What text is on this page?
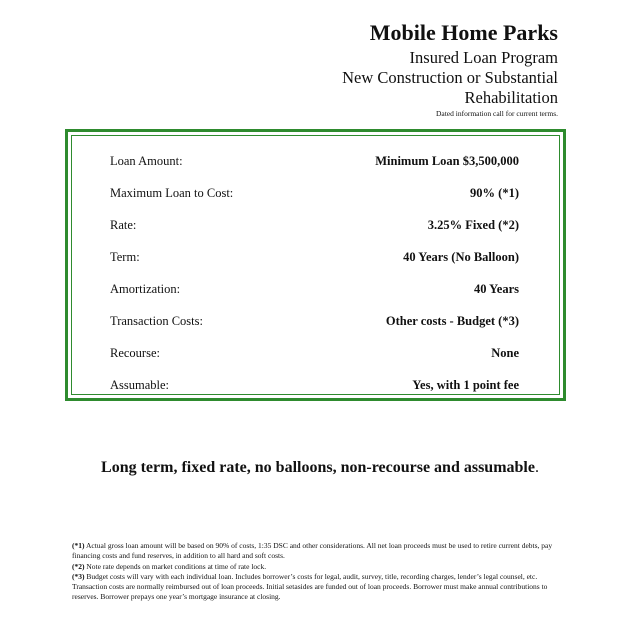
Mobile Home Parks

Insured Loan Program

New Construction or Substantial

Rehabilitation

Dated information call for current terms.

Loan Amount:	Minimum Loan $3,500,000
Maximum Loan to Cost:	90% (*1)
Rate:	3.25% Fixed (*2)
Term:	40 Years (No Balloon)
Amortization:	40 Years
Transaction Costs:	Other costs - Budget (*3)
Recourse:	None
Assumable:	Yes, with 1 point fee
Long term, fixed rate, no balloons, non-recourse and assumable.

(*1) Actual gross loan amount will be based on 90% of costs, 1:35 DSC and other considerations. All net loan proceeds must be used to retire current debts, pay financing costs and fund reserves, in addition to all hard and soft costs.

(*2) Note rate depends on market conditions at time of rate lock.

(*3) Budget costs will vary with each individual loan. Includes borrower’s costs for legal, audit, survey, title, recording charges, lender’s legal counsel, etc. Transaction costs are normally reimbursed out of loan proceeds. Initial setasides are funded out of loan proceeds. Borrower must make annual contributions to reserves. Borrower prepays one year’s mortgage insurance at closing.
